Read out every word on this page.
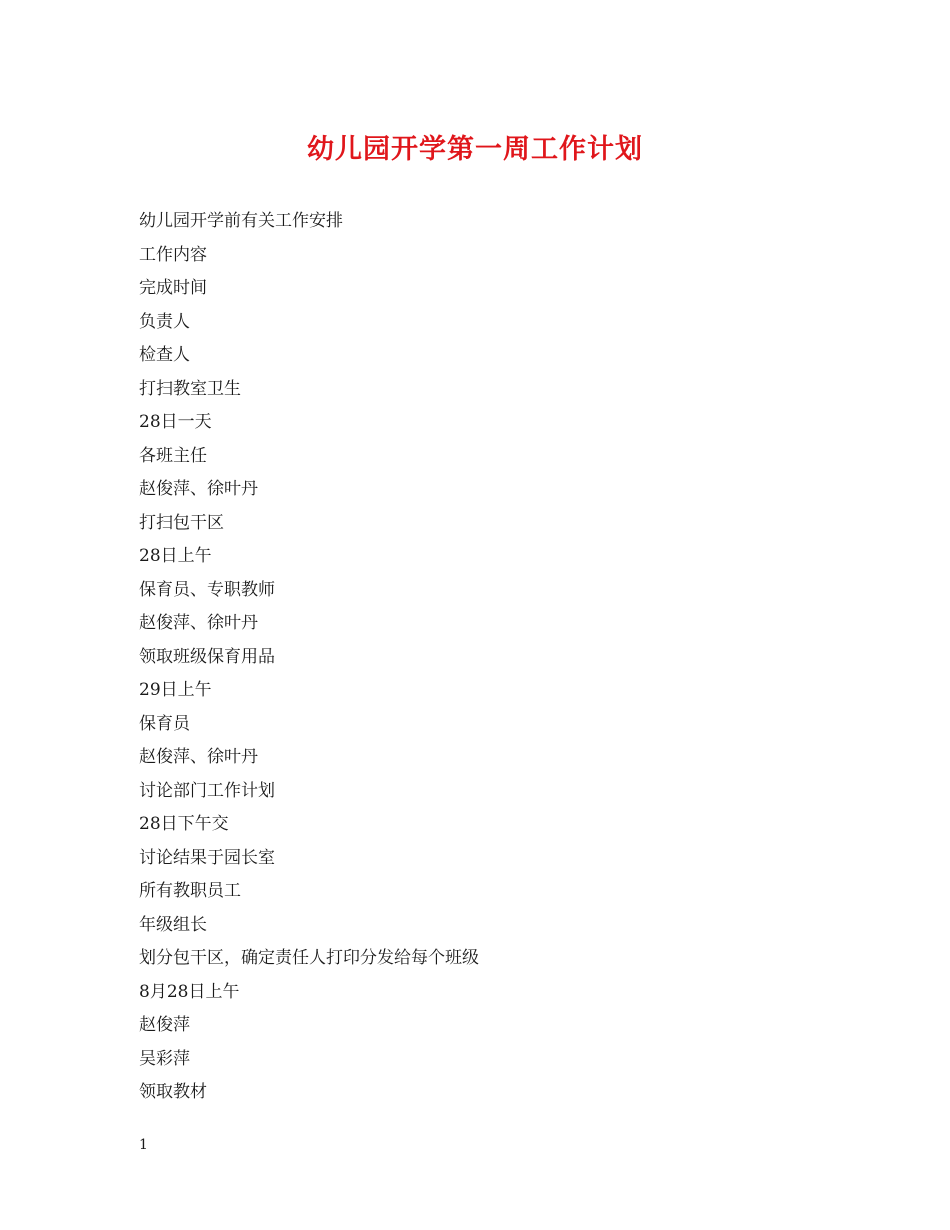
幼儿园开学第一周工作计划
幼儿园开学前有关工作安排
工作内容
完成时间
负责人
检查人
打扫教室卫生
28日一天
各班主任
赵俊萍、徐叶丹
打扫包干区
28日上午
保育员、专职教师
赵俊萍、徐叶丹
领取班级保育用品
29日上午
保育员
赵俊萍、徐叶丹
讨论部门工作计划
28日下午交
讨论结果于园长室
所有教职员工
年级组长
划分包干区，确定责任人打印分发给每个班级
8月28日上午
赵俊萍
吴彩萍
领取教材
1
